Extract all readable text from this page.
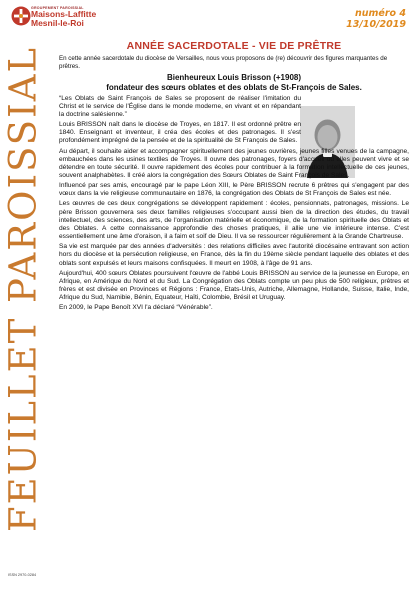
GROUPEMENT PAROISSIAL
Maisons-Laffitte
Mesnil-le-Roi
numéro 4
13/10/2019
FEUILLET PAROISSIAL
ISSN 2970-0284
ANNÉE SACERDOTALE - VIE DE PRÊTRE

En cette année sacerdotale du diocèse de Versailles, nous vous proposons de (re) découvrir des figures marquantes de prêtres.

Bienheureux Louis Brisson (+1908)
fondateur des sœurs oblates et des oblats de St-François de Sales.

“Les Oblats de Saint François de Sales se proposent de réaliser l'imitation du Christ et le service de l'Église dans le monde moderne, en vivant et en répandant la doctrine salésienne.”

Louis BRISSON naît dans le diocèse de Troyes, en 1817. Il est ordonné prêtre en 1840. Enseignant et inventeur, il créa des écoles et des patronages. Il s'est profondément imprégné de la pensée et de la spiritualité de St François de Sales.

Au départ, il souhaite aider et accompagner spirituellement des jeunes ouvrières, jeunes filles venues de la campagne, embauchées dans les usines textiles de Troyes. Il ouvre des patronages, foyers d'accueil où elles peuvent vivre et se détendre en toute sécurité. Il ouvre rapidement des écoles pour contribuer à la formation intellectuelle de ces jeunes, souvent analphabètes. Il créé alors la congrégation des Sœurs Oblates de Saint François de Sales.

Influencé par ses amis, encouragé par le pape Léon XIII, le Père BRISSON recrute 6 prêtres qui s'engagent par des vœux dans la vie religieuse communautaire en 1876, la congrégation des Oblats de St François de Sales est née.

Les œuvres de ces deux congrégations se développent rapidement : écoles, pensionnats, patronages, missions. Le père Brisson gouvernera ses deux familles religieuses s'occupant aussi bien de la direction des études, du travail intellectuel, des sciences, des arts, de l'organisation matérielle et économique, de la formation spirituelle des Oblats et des Oblates. A cette connaissance approfondie des choses pratiques, il allie une vie intérieure intense. C'est essentiellement une âme d'oraison, il a faim et soif de Dieu. Il va se ressourcer régulièrement à la Grande Chartreuse.

Sa vie est marquée par des années d'adversités : des relations difficiles avec l'autorité diocésaine entravant son action hors du diocèse et la persécution religieuse, en France, dès la fin du 19ème siècle pendant laquelle des oblates et des oblats sont expulsés et leurs maisons confisquées. Il meurt en 1908, à l'âge de 91 ans.

Aujourd'hui, 400 sœurs Oblates poursuivent l'œuvre de l'abbé Louis BRISSON au service de la jeunesse en Europe, en Afrique, en Amérique du Nord et du Sud. La Congrégation des Oblats compte un peu plus de 500 religieux, prêtres et frères et est divisée en Provinces et Régions : France, Etats-Unis, Autriche, Allemagne, Hollande, Suisse, Italie, Inde, Afrique du Sud, Namibie, Bénin, Equateur, Haïti, Colombie, Brésil et Uruguay.

En 2009, le Pape Benoît XVI l'a déclaré “Vénérable”.
